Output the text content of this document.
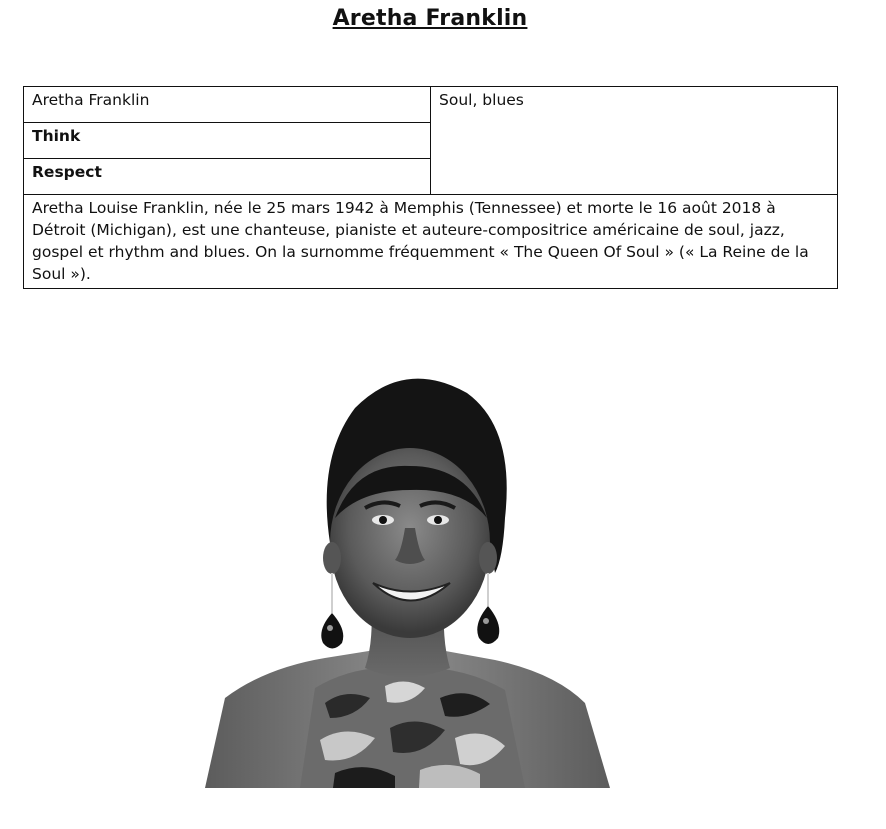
Aretha Franklin
Aretha Franklin	Soul, blues
Think
Respect
Aretha Louise Franklin, née le 25 mars 1942 à Memphis (Tennessee) et morte le 16 août 2018 à Détroit (Michigan), est une chanteuse, pianiste et auteure-compositrice américaine de soul, jazz, gospel et rhythm and blues. On la surnomme fréquemment « The Queen Of Soul » (« La Reine de la Soul »).
